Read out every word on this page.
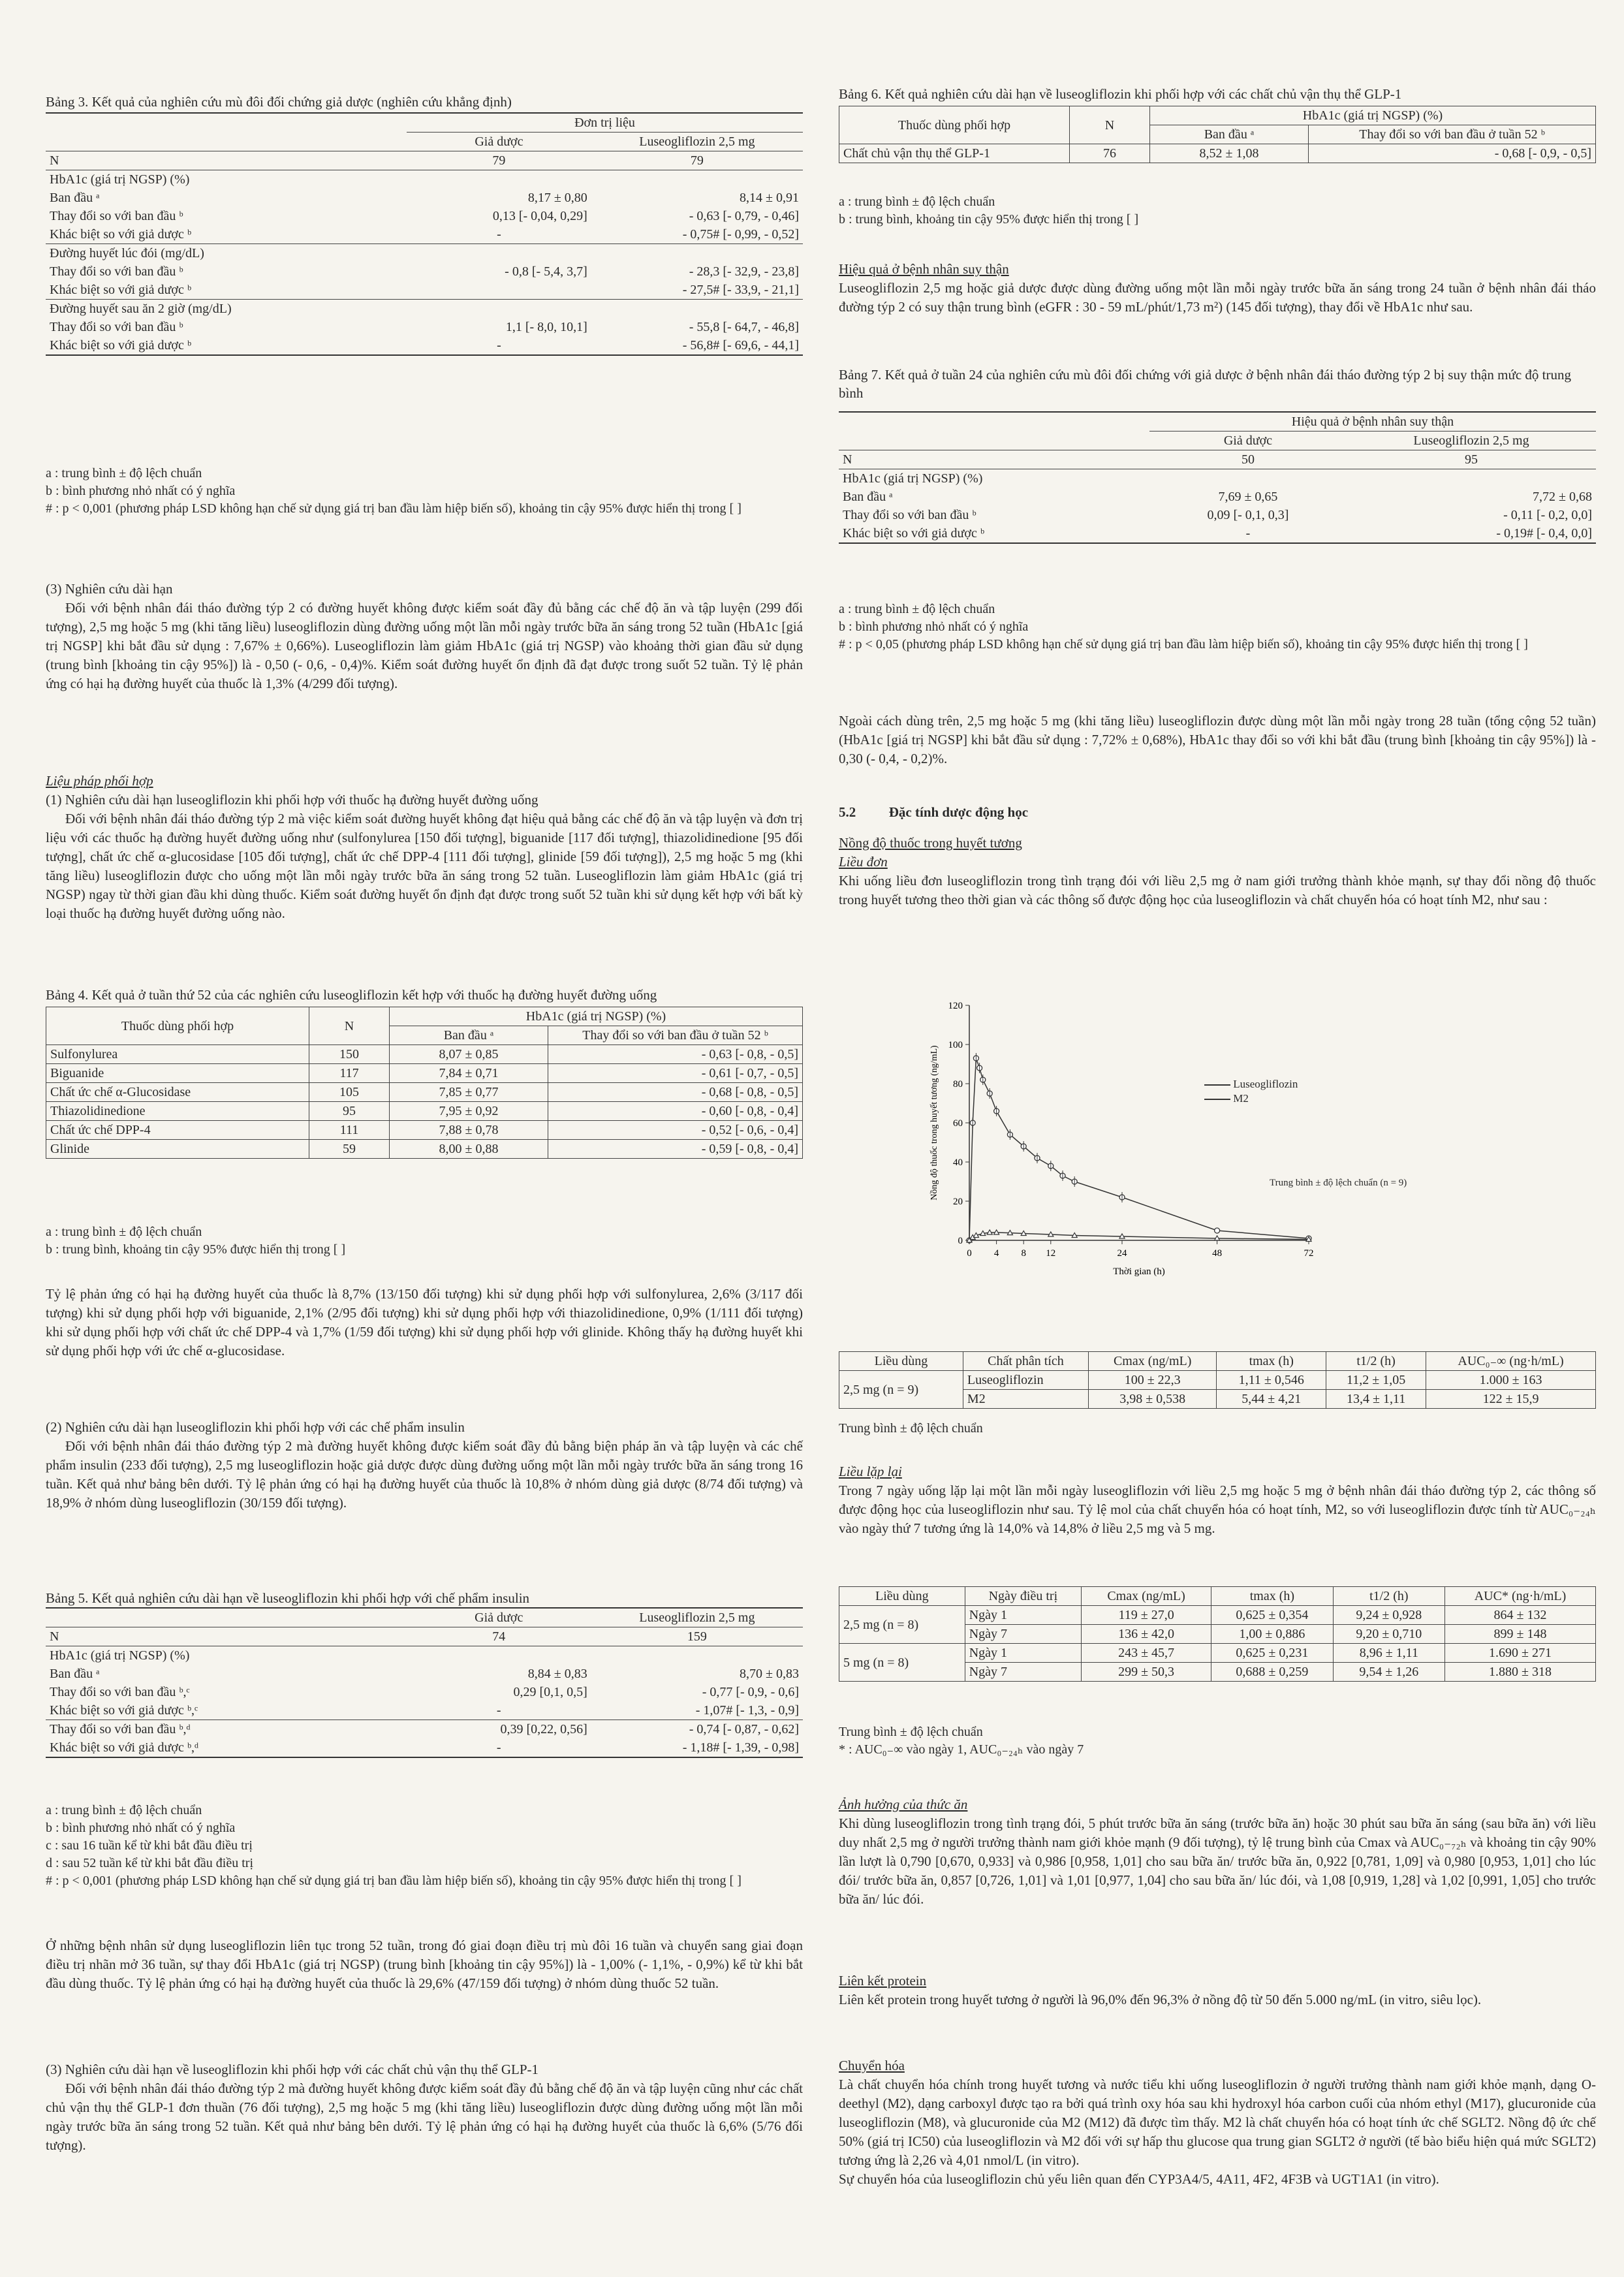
Bảng 3. Kết quả của nghiên cứu mù đôi đối chứng giả dược (nghiên cứu khẳng định)

	Đơn trị liệu	
	Giả dược	Luseogliflozin 2,5 mg
N	79	79
HbA1c (giá trị NGSP) (%)		
Ban đầu ᵃ	8,17 ± 0,80	8,14 ± 0,91
Thay đổi so với ban đầu ᵇ	0,13 [- 0,04, 0,29]	- 0,63 [- 0,79, - 0,46]
Khác biệt so với giả dược ᵇ	-	- 0,75# [- 0,99, - 0,52]
Đường huyết lúc đói (mg/dL)		
Thay đổi so với ban đầu ᵇ	- 0,8 [- 5,4, 3,7]	- 28,3 [- 32,9, - 23,8]
Khác biệt so với giả dược ᵇ		- 27,5# [- 33,9, - 21,1]
Đường huyết sau ăn 2 giờ (mg/dL)		
Thay đổi so với ban đầu ᵇ	1,1 [- 8,0, 10,1]	- 55,8 [- 64,7, - 46,8]
Khác biệt so với giả dược ᵇ	-	- 56,8# [- 69,6, - 44,1]

a : trung bình ± độ lệch chuẩn

b : bình phương nhỏ nhất có ý nghĩa

# : p < 0,001 (phương pháp LSD không hạn chế sử dụng giá trị ban đầu làm hiệp biến số), khoảng tin cậy 95% được hiển thị trong [ ]

(3) Nghiên cứu dài hạn

Đối với bệnh nhân đái tháo đường týp 2 có đường huyết không được kiểm soát đầy đủ bằng các chế độ ăn và tập luyện (299 đối tượng), 2,5 mg hoặc 5 mg (khi tăng liều) luseogliflozin dùng đường uống một lần mỗi ngày trước bữa ăn sáng trong 52 tuần (HbA1c [giá trị NGSP] khi bắt đầu sử dụng : 7,67% ± 0,66%). Luseogliflozin làm giảm HbA1c (giá trị NGSP) vào khoảng thời gian đầu sử dụng (trung bình [khoảng tin cậy 95%]) là - 0,50 (- 0,6, - 0,4)%. Kiểm soát đường huyết ổn định đã đạt được trong suốt 52 tuần. Tỷ lệ phản ứng có hại hạ đường huyết của thuốc là 1,3% (4/299 đối tượng).

Liệu pháp phối hợp

(1) Nghiên cứu dài hạn luseogliflozin khi phối hợp với thuốc hạ đường huyết đường uống

Đối với bệnh nhân đái tháo đường týp 2 mà việc kiểm soát đường huyết không đạt hiệu quả bằng các chế độ ăn và tập luyện và đơn trị liệu với các thuốc hạ đường huyết đường uống như (sulfonylurea [150 đối tượng], biguanide [117 đối tượng], thiazolidinedione [95 đối tượng], chất ức chế α-glucosidase [105 đối tượng], chất ức chế DPP-4 [111 đối tượng], glinide [59 đối tượng]), 2,5 mg hoặc 5 mg (khi tăng liều) luseogliflozin được cho uống một lần mỗi ngày trước bữa ăn sáng trong 52 tuần. Luseogliflozin làm giảm HbA1c (giá trị NGSP) ngay từ thời gian đầu khi dùng thuốc. Kiểm soát đường huyết ổn định đạt được trong suốt 52 tuần khi sử dụng kết hợp với bất kỳ loại thuốc hạ đường huyết đường uống nào.

Bảng 4. Kết quả ở tuần thứ 52 của các nghiên cứu luseogliflozin kết hợp với thuốc hạ đường huyết đường uống

Thuốc dùng phối hợp	N	HbA1c (giá trị NGSP) (%)	
		Ban đầu ᵃ	Thay đổi so với ban đầu ở tuần 52 ᵇ
Sulfonylurea	150	8,07 ± 0,85	- 0,63 [- 0,8, - 0,5]
Biguanide	117	7,84 ± 0,71	- 0,61 [- 0,7, - 0,5]
Chất ức chế α-Glucosidase	105	7,85 ± 0,77	- 0,68 [- 0,8, - 0,5]
Thiazolidinedione	95	7,95 ± 0,92	- 0,60 [- 0,8, - 0,4]
Chất ức chế DPP-4	111	7,88 ± 0,78	- 0,52 [- 0,6, - 0,4]
Glinide	59	8,00 ± 0,88	- 0,59 [- 0,8, - 0,4]

a : trung bình ± độ lệch chuẩn

b : trung bình, khoảng tin cậy 95% được hiển thị trong [ ]

Tỷ lệ phản ứng có hại hạ đường huyết của thuốc là 8,7% (13/150 đối tượng) khi sử dụng phối hợp với sulfonylurea, 2,6% (3/117 đối tượng) khi sử dụng phối hợp với biguanide, 2,1% (2/95 đối tượng) khi sử dụng phối hợp với thiazolidinedione, 0,9% (1/111 đối tượng) khi sử dụng phối hợp với chất ức chế DPP-4 và 1,7% (1/59 đối tượng) khi sử dụng phối hợp với glinide. Không thấy hạ đường huyết khi sử dụng phối hợp với ức chế α-glucosidase.

(2) Nghiên cứu dài hạn luseogliflozin khi phối hợp với các chế phẩm insulin

Đối với bệnh nhân đái tháo đường týp 2 mà đường huyết không được kiểm soát đầy đủ bằng biện pháp ăn và tập luyện và các chế phẩm insulin (233 đối tượng), 2,5 mg luseogliflozin hoặc giả dược được dùng đường uống một lần mỗi ngày trước bữa ăn sáng trong 16 tuần. Kết quả như bảng bên dưới. Tỷ lệ phản ứng có hại hạ đường huyết của thuốc là 10,8% ở nhóm dùng giả dược (8/74 đối tượng) và 18,9% ở nhóm dùng luseogliflozin (30/159 đối tượng).

Bảng 5. Kết quả nghiên cứu dài hạn về luseogliflozin khi phối hợp với chế phẩm insulin

	Giả dược	Luseogliflozin 2,5 mg
N	74	159
HbA1c (giá trị NGSP) (%)		
Ban đầu ᵃ	8,84 ± 0,83	8,70 ± 0,83
Thay đổi so với ban đầu ᵇ,ᶜ	0,29 [0,1, 0,5]	- 0,77 [- 0,9, - 0,6]
Khác biệt so với giả dược ᵇ,ᶜ	-	- 1,07# [- 1,3, - 0,9]
Thay đổi so với ban đầu ᵇ,ᵈ	0,39 [0,22, 0,56]	- 0,74 [- 0,87, - 0,62]
Khác biệt so với giả dược ᵇ,ᵈ	-	- 1,18# [- 1,39, - 0,98]

a : trung bình ± độ lệch chuẩn

b : bình phương nhỏ nhất có ý nghĩa

c : sau 16 tuần kể từ khi bắt đầu điều trị

d : sau 52 tuần kể từ khi bắt đầu điều trị

# : p < 0,001 (phương pháp LSD không hạn chế sử dụng giá trị ban đầu làm hiệp biến số), khoảng tin cậy 95% được hiển thị trong [ ]

Ở những bệnh nhân sử dụng luseogliflozin liên tục trong 52 tuần, trong đó giai đoạn điều trị mù đôi 16 tuần và chuyển sang giai đoạn điều trị nhãn mở 36 tuần, sự thay đổi HbA1c (giá trị NGSP) (trung bình [khoảng tin cậy 95%]) là - 1,00% (- 1,1%, - 0,9%) kể từ khi bắt đầu dùng thuốc. Tỷ lệ phản ứng có hại hạ đường huyết của thuốc là 29,6% (47/159 đối tượng) ở nhóm dùng thuốc 52 tuần.

(3) Nghiên cứu dài hạn về luseogliflozin khi phối hợp với các chất chủ vận thụ thể GLP-1

Đối với bệnh nhân đái tháo đường týp 2 mà đường huyết không được kiểm soát đầy đủ bằng chế độ ăn và tập luyện cũng như các chất chủ vận thụ thể GLP-1 đơn thuần (76 đối tượng), 2,5 mg hoặc 5 mg (khi tăng liều) luseogliflozin được dùng đường uống một lần mỗi ngày trước bữa ăn sáng trong 52 tuần. Kết quả như bảng bên dưới. Tỷ lệ phản ứng có hại hạ đường huyết của thuốc là 6,6% (5/76 đối tượng).

Bảng 6. Kết quả nghiên cứu dài hạn về luseogliflozin khi phối hợp với các chất chủ vận thụ thể GLP-1

Thuốc dùng phối hợp	N	HbA1c (giá trị NGSP) (%)	
		Ban đầu ᵃ	Thay đổi so với ban đầu ở tuần 52 ᵇ
Chất chủ vận thụ thể GLP-1	76	8,52 ± 1,08	- 0,68 [- 0,9, - 0,5]

a : trung bình ± độ lệch chuẩn

b : trung bình, khoảng tin cậy 95% được hiển thị trong [ ]

Hiệu quả ở bệnh nhân suy thận

Luseogliflozin 2,5 mg hoặc giả dược được dùng đường uống một lần mỗi ngày trước bữa ăn sáng trong 24 tuần ở bệnh nhân đái tháo đường týp 2 có suy thận trung bình (eGFR : 30 - 59 mL/phút/1,73 m²) (145 đối tượng), thay đổi về HbA1c như sau.

Bảng 7. Kết quả ở tuần 24 của nghiên cứu mù đôi đối chứng với giả dược ở bệnh nhân đái tháo đường týp 2 bị suy thận mức độ trung bình

	Hiệu quả ở bệnh nhân suy thận	
	Giả dược	Luseogliflozin 2,5 mg
N	50	95
HbA1c (giá trị NGSP) (%)		
Ban đầu ᵃ	7,69 ± 0,65	7,72 ± 0,68
Thay đổi so với ban đầu ᵇ	0,09 [- 0,1, 0,3]	- 0,11 [- 0,2, 0,0]
Khác biệt so với giả dược ᵇ	-	- 0,19# [- 0,4, 0,0]

a : trung bình ± độ lệch chuẩn

b : bình phương nhỏ nhất có ý nghĩa

# : p < 0,05 (phương pháp LSD không hạn chế sử dụng giá trị ban đầu làm hiệp biến số), khoảng tin cậy 95% được hiển thị trong [ ]

Ngoài cách dùng trên, 2,5 mg hoặc 5 mg (khi tăng liều) luseogliflozin được dùng một lần mỗi ngày trong 28 tuần (tổng cộng 52 tuần) (HbA1c [giá trị NGSP] khi bắt đầu sử dụng : 7,72% ± 0,68%), HbA1c thay đổi so với khi bắt đầu (trung bình [khoảng tin cậy 95%]) là - 0,30 (- 0,4, - 0,2)%.

5.2 Đặc tính dược động học

Nồng độ thuốc trong huyết tương

Liều đơn

Khi uống liều đơn luseogliflozin trong tình trạng đói với liều 2,5 mg ở nam giới trưởng thành khỏe mạnh, sự thay đổi nồng độ thuốc trong huyết tương theo thời gian và các thông số được động học của luseogliflozin và chất chuyển hóa có hoạt tính M2, như sau :

0
20
40
60
80
100
120
0 4 8 12	24	48	72
Thời gian (h)
Nồng độ thuốc trong huyết tương (ng/mL)	Luseogliflozin
M2
Trung bình ± độ lệch chuẩn (n = 9)
Liều dùng	Chất phân tích	Cmax (ng/mL)	tmax (h)	t1/2 (h)	AUC₀₋∞ (ng·h/mL)
2,5 mg (n = 9)	Luseogliflozin	100 ± 22,3	1,11 ± 0,546	11,2 ± 1,05	1.000 ± 163
	M2	3,98 ± 0,538	5,44 ± 4,21	13,4 ± 1,11	122 ± 15,9

Trung bình ± độ lệch chuẩn

Liều lặp lại

Trong 7 ngày uống lặp lại một lần mỗi ngày luseogliflozin với liều 2,5 mg hoặc 5 mg ở bệnh nhân đái tháo đường týp 2, các thông số được động học của luseogliflozin như sau. Tỷ lệ mol của chất chuyển hóa có hoạt tính, M2, so với luseogliflozin được tính từ AUC₀₋₂₄ₕ vào ngày thứ 7 tương ứng là 14,0% và 14,8% ở liều 2,5 mg và 5 mg.

Liều dùng	Ngày điều trị	Cmax (ng/mL)	tmax (h)	t1/2 (h)	AUC* (ng·h/mL)
2,5 mg (n = 8)	Ngày 1	119 ± 27,0	0,625 ± 0,354	9,24 ± 0,928	864 ± 132
	Ngày 7	136 ± 42,0	1,00 ± 0,886	9,20 ± 0,710	899 ± 148
5 mg (n = 8)	Ngày 1	243 ± 45,7	0,625 ± 0,231	8,96 ± 1,11	1.690 ± 271
	Ngày 7	299 ± 50,3	0,688 ± 0,259	9,54 ± 1,26	1.880 ± 318

Trung bình ± độ lệch chuẩn

* : AUC₀₋∞ vào ngày 1, AUC₀₋₂₄ₕ vào ngày 7

Ảnh hưởng của thức ăn

Khi dùng luseogliflozin trong tình trạng đói, 5 phút trước bữa ăn sáng (trước bữa ăn) hoặc 30 phút sau bữa ăn sáng (sau bữa ăn) với liều duy nhất 2,5 mg ở người trưởng thành nam giới khỏe mạnh (9 đối tượng), tỷ lệ trung bình của Cmax và AUC₀₋₇₂ₕ và khoảng tin cậy 90% lần lượt là 0,790 [0,670, 0,933] và 0,986 [0,958, 1,01] cho sau bữa ăn/ trước bữa ăn, 0,922 [0,781, 1,09] và 0,980 [0,953, 1,01] cho lúc đói/ trước bữa ăn, 0,857 [0,726, 1,01] và 1,01 [0,977, 1,04] cho sau bữa ăn/ lúc đói, và 1,08 [0,919, 1,28] và 1,02 [0,991, 1,05] cho trước bữa ăn/ lúc đói.

Liên kết protein

Liên kết protein trong huyết tương ở người là 96,0% đến 96,3% ở nồng độ từ 50 đến 5.000 ng/mL (in vitro, siêu lọc).

Chuyển hóa

Là chất chuyển hóa chính trong huyết tương và nước tiểu khi uống luseogliflozin ở người trưởng thành nam giới khỏe mạnh, dạng O-deethyl (M2), dạng carboxyl được tạo ra bởi quá trình oxy hóa sau khi hydroxyl hóa carbon cuối của nhóm ethyl (M17), glucuronide của luseogliflozin (M8), và glucuronide của M2 (M12) đã được tìm thấy. M2 là chất chuyển hóa có hoạt tính ức chế SGLT2. Nồng độ ức chế 50% (giá trị IC50) của luseogliflozin và M2 đối với sự hấp thu glucose qua trung gian SGLT2 ở người (tế bào biểu hiện quá mức SGLT2) tương ứng là 2,26 và 4,01 nmol/L (in vitro).

Sự chuyển hóa của luseogliflozin chủ yếu liên quan đến CYP3A4/5, 4A11, 4F2, 4F3B và UGT1A1 (in vitro).
